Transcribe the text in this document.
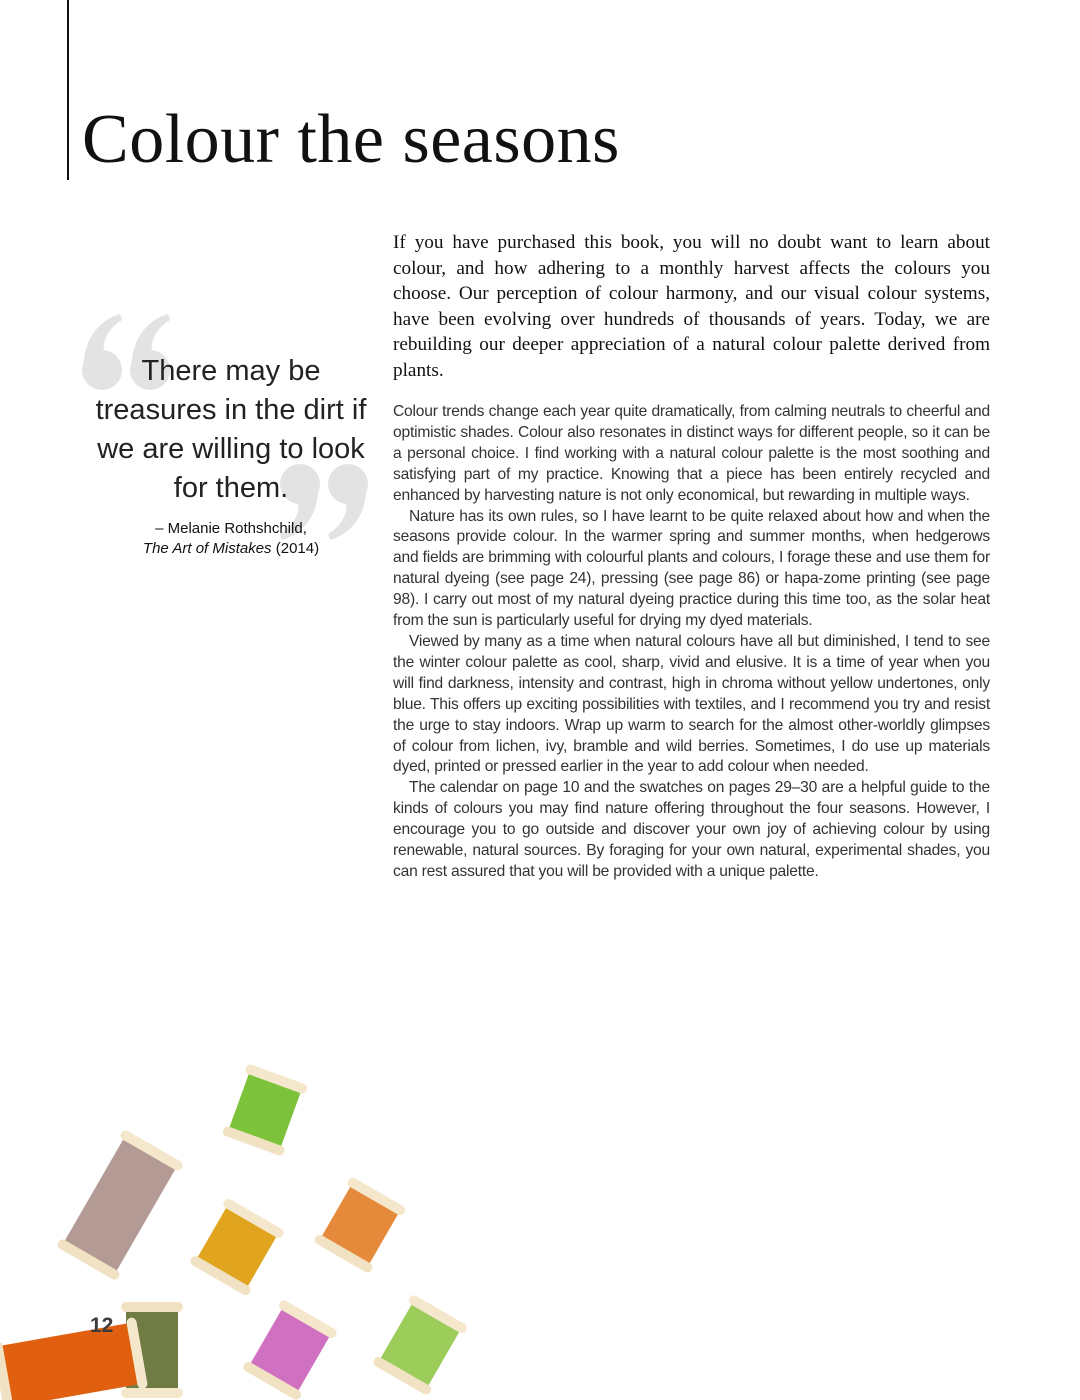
Colour the seasons
There may be treasures in the dirt if we are willing to look for them.
– Melanie Rothshchild,
The Art of Mistakes (2014)

If you have purchased this book, you will no doubt want to learn about colour, and how adhering to a monthly harvest affects the colours you choose. Our perception of colour harmony, and our visual colour systems, have been evolving over hundreds of thousands of years. Today, we are rebuilding our deeper appreciation of a natural colour palette derived from plants.

Colour trends change each year quite dramatically, from calming neutrals to cheerful and optimistic shades. Colour also resonates in distinct ways for different people, so it can be a personal choice. I find working with a natural colour palette is the most soothing and satisfying part of my practice. Knowing that a piece has been entirely recycled and enhanced by harvesting nature is not only economical, but rewarding in multiple ways.

Nature has its own rules, so I have learnt to be quite relaxed about how and when the seasons provide colour. In the warmer spring and summer months, when hedgerows and fields are brimming with colourful plants and colours, I forage these and use them for natural dyeing (see page 24), pressing (see page 86) or hapa-zome printing (see page 98). I carry out most of my natural dyeing practice during this time too, as the solar heat from the sun is particularly useful for drying my dyed materials.

Viewed by many as a time when natural colours have all but diminished, I tend to see the winter colour palette as cool, sharp, vivid and elusive. It is a time of year when you will find darkness, intensity and contrast, high in chroma without yellow undertones, only blue. This offers up exciting possibilities with textiles, and I recommend you try and resist the urge to stay indoors. Wrap up warm to search for the almost other-worldly glimpses of colour from lichen, ivy, bramble and wild berries. Sometimes, I do use up materials dyed, printed or pressed earlier in the year to add colour when needed.

The calendar on page 10 and the swatches on pages 29–30 are a helpful guide to the kinds of colours you may find nature offering throughout the four seasons. However, I encourage you to go outside and discover your own joy of achieving colour by using renewable, natural sources. By foraging for your own natural, experimental shades, you can rest assured that you will be provided with a unique palette.

12
